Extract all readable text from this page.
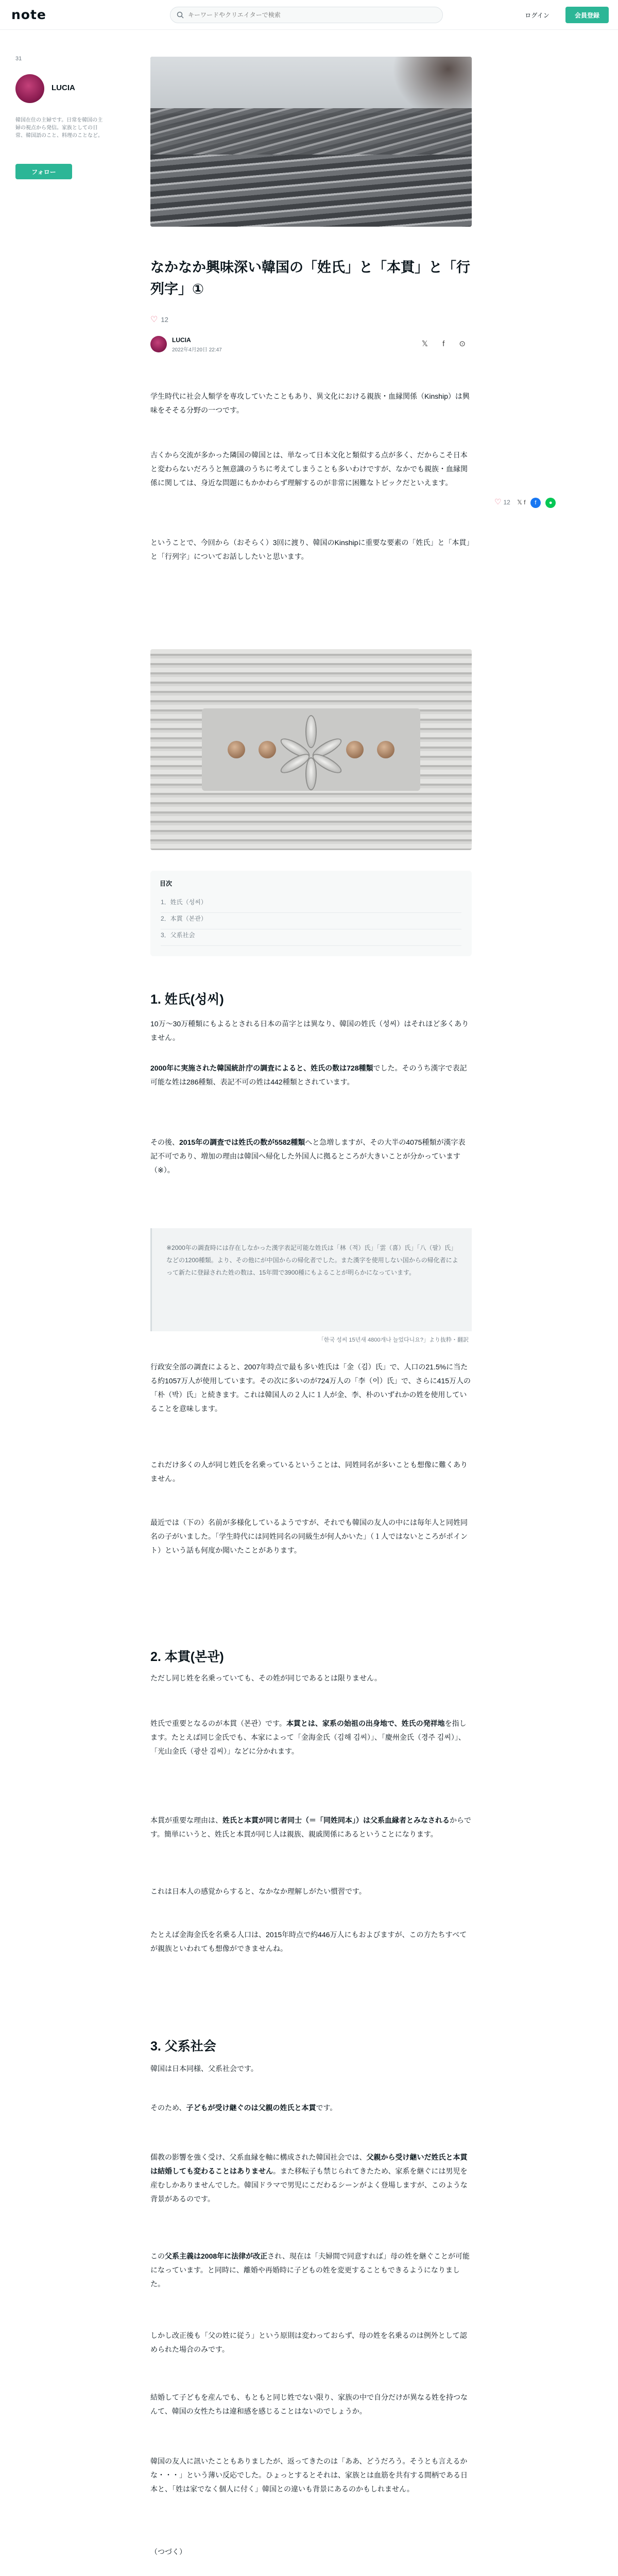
note
キーワードやクリエイターで検索	ログイン	会員登録
31
LUCIA
韓国在住の主婦です。日常を韓国の主婦の視点から発信。家族としての日常、韓国語のこと、料理のことなど。
フォロー
♡ 12 𝕏 f f ●
なかなか興味深い韓国の「姓氏」と「本貫」と「行列字」①
♡ 12
LUCIA
2022年4月20日 22:47
𝕏 f ⊙

学生時代に社会人類学を専攻していたこともあり、異文化における親族・血縁関係（Kinship）は興味をそそる分野の一つです。

古くから交流が多かった隣国の韓国とは、単なって日本文化と類似する点が多く、だからこそ日本と変わらないだろうと無意識のうちに考えてしまうことも多いわけですが、なかでも親族・血縁関係に関しては、身近な問題にもかかわらず理解するのが非常に困難なトピックだといえます。

ということで、今回から（おそらく）3回に渡り、韓国のKinshipに重要な要素の「姓氏」と「本貫」と「行列字」についてお話ししたいと思います。

目次
1．姓氏（성씨）
2．本貫（본관）
3．父系社会
1. 姓氏(성씨)

10万～30万種類にもよるとされる日本の苗字とは異なり、韓国の姓氏（성씨）はそれほど多くありません。

2000年に実施された韓国統計庁の調査によると、姓氏の数は728種類でした。そのうち漢字で表記可能な姓は286種類、表記不可の姓は442種類とされています。

その後、2015年の調査では姓氏の数が5582種類へと急増しますが、その大半の4075種類が漢字表記不可であり、増加の理由は韓国へ帰化した外国人に拠るところが大きいことが分かっています（※）。

※2000年の調査時には存在しなかった漢字表記可能な姓氏は「林（적）氏」「雲（喜）氏」「八（팔）氏」などの1200種類。より、その他にが中国からの帰化者でした。また漢字を使用しない国からの帰化者によって新たに登録された姓の数は、15年間で3900種にもよることが明らかになっています。
「한국 성씨 15년새 4800개나 늘었다니요?」より抜粋・翻訳

行政安全部の調査によると、2007年時点で最も多い姓氏は「金（김）氏」で、人口の21.5%に当たる約1057万人が使用しています。その次に多いのが724万人の「李（이）氏」で、さらに415万人の「朴（박）氏」と続きます。これは韓国人の２人に１人が金、李、朴のいずれかの姓を使用していることを意味します。

これだけ多くの人が同じ姓氏を名乗っているということは、同姓同名が多いことも想像に難くありません。

最近では（下の）名前が多様化しているようですが、それでも韓国の友人の中には毎年人と同姓同名の子がいました。「学生時代には同姓同名の同級生が何人かいた」（１人ではないところがポイント）という話も何度か聞いたことがあります。

2. 本貫(본관)

ただし同じ姓を名乗っていても、その姓が同じであるとは限りません。

姓氏で重要となるのが本貫（본관）です。本貫とは、家系の始祖の出身地で、姓氏の発祥地を指します。たとえば同じ金氏でも、本家によって「金海金氏（김해 김씨）」、「慶州金氏（경주 김씨）」、「光山金氏（광산 김씨）」などに分かれます。

本貫が重要な理由は、姓氏と本貫が同じ者同士（＝「同姓同本」）は父系血縁者とみなされるからです。簡単にいうと、姓氏と本貫が同じ人は親族、親戚関係にあるということになります。

これは日本人の感覚からすると、なかなか理解しがたい慣習です。

たとえば金海金氏を名乗る人口は、2015年時点で約446万人にもおよびますが、この方たちすべてが親族といわれても想像ができませんね。

3. 父系社会

韓国は日本同様、父系社会です。

そのため、子どもが受け継ぐのは父親の姓氏と本貫です。

儒教の影響を強く受け、父系血縁を軸に構成された韓国社会では、父親から受け継いだ姓氏と本貫は結婚しても変わることはありません。また移転子も禁じられてきたため、家系を継ぐには男児を産むしかありませんでした。韓国ドラマで男児にこだわるシーンがよく登場しますが、このような背景があるのです。

この父系主義は2008年に法律が改正され、現在は「夫婦間で同意すれば」母の姓を継ぐことが可能になっています。と同時に、離婚や再婚時に子どもの姓を変更することもできるようになりました。

しかし改正後も「父の姓に従う」という原則は変わっておらず、母の姓を名乗るのは例外として認められた場合のみです。

結婚して子どもを産んでも、もともと同じ姓でない限り、家族の中で自分だけが異なる姓を持つなんて、韓国の女性たちは違和感を感じることはないのでしょうか。

韓国の友人に訊いたこともありましたが、返ってきたのは「ああ、どうだろう。そうとも言えるかな・・・」という薄い反応でした。ひょっとするとそれは、家族とは血筋を共有する間柄である日本と、「姓は家でなく個人に付く」韓国との違いも背景にあるのかもしれません。

（つづく）
